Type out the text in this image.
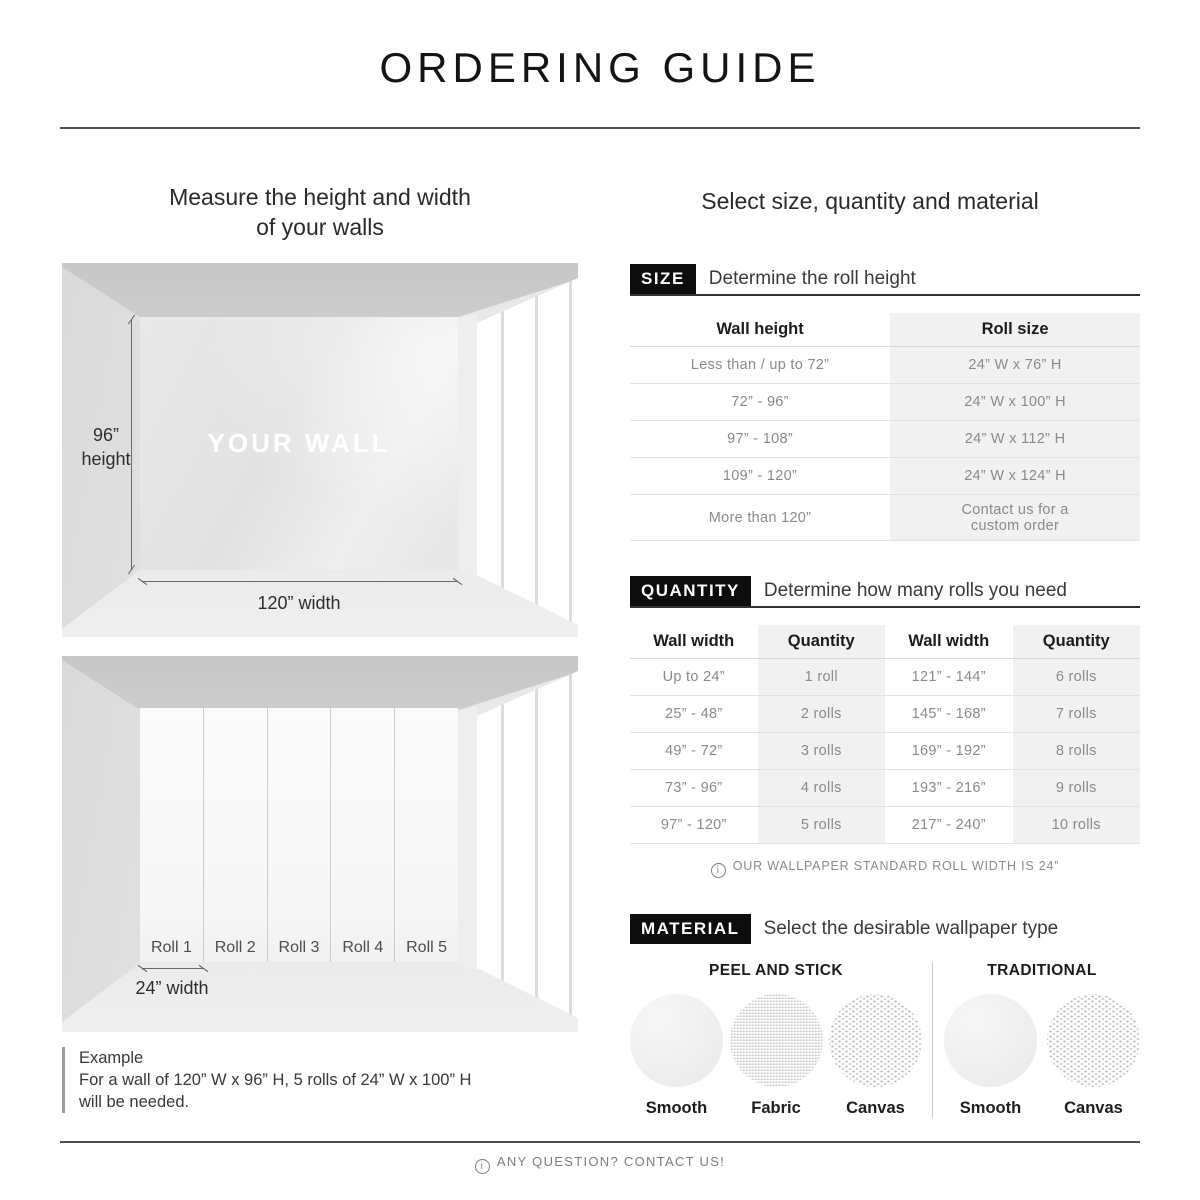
ORDERING GUIDE
Measure the height and width
of your walls
YOUR WALL
96”
height
120” width
Roll 1	Roll 2	Roll 3	Roll 4	Roll 5
24” width
Example
For a wall of 120” W x 96” H, 5 rolls of 24” W x 100” H
will be needed.
Select size, quantity and material
SIZE	Determine the roll height
Wall height	Roll size
Less than / up to 72”	24” W x 76” H
72” - 96”	24” W x 100” H
97” - 108”	24” W x 112” H
109” - 120”	24” W x 124” H
More than 120”	Contact us for a custom order
QUANTITY	Determine how many rolls you need
Wall width	Quantity	Wall width	Quantity
Up to 24”	1 roll	121” - 144”	6 rolls
25” - 48”	2 rolls	145” - 168”	7 rolls
49” - 72”	3 rolls	169” - 192”	8 rolls
73” - 96”	4 rolls	193” - 216”	9 rolls
97” - 120”	5 rolls	217” - 240”	10 rolls
iOUR WALLPAPER STANDARD ROLL WIDTH IS 24”
MATERIAL	Select the desirable wallpaper type
PEEL AND STICK
Smooth	Fabric	Canvas
TRADITIONAL
Smooth	Canvas
iANY QUESTION? CONTACT US!
